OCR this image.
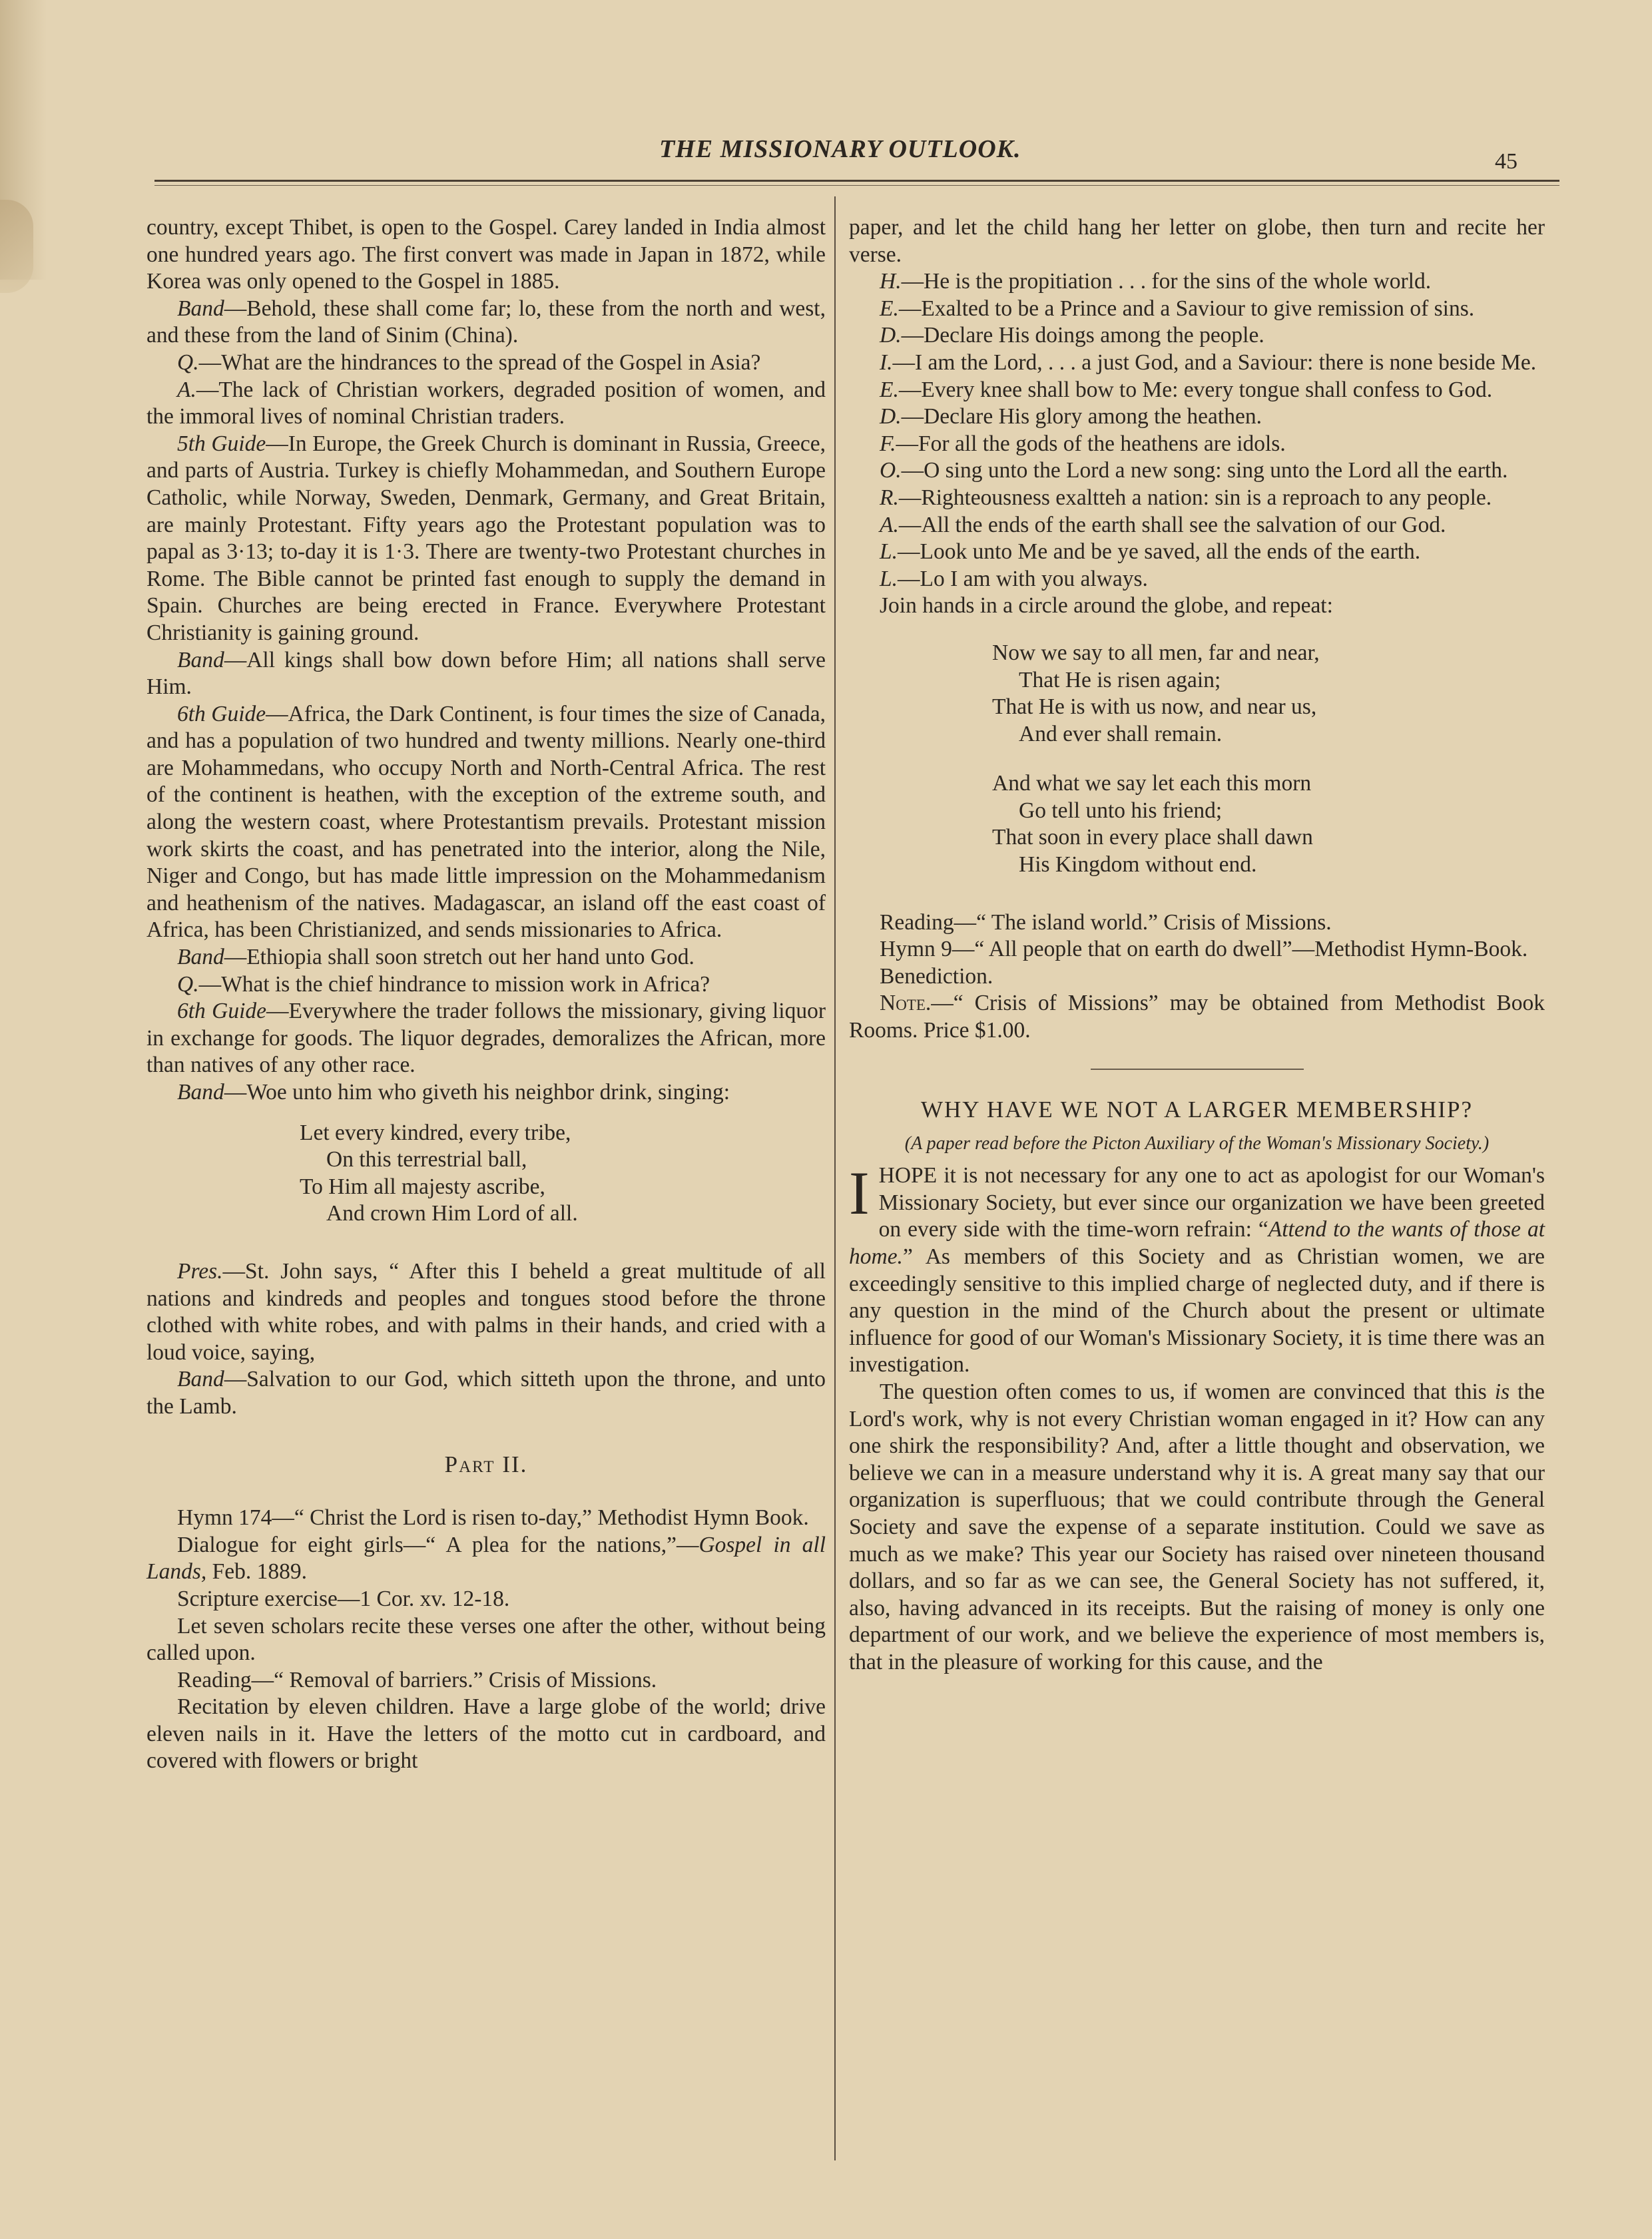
THE MISSIONARY OUTLOOK.	45

country, except Thibet, is open to the Gospel. Carey landed in India almost one hundred years ago. The first convert was made in Japan in 1872, while Korea was only opened to the Gospel in 1885.

Band—Behold, these shall come far; lo, these from the north and west, and these from the land of Sinim (China).

Q.—What are the hindrances to the spread of the Gospel in Asia?

A.—The lack of Christian workers, degraded position of women, and the immoral lives of nominal Christian traders.

5th Guide—In Europe, the Greek Church is dominant in Russia, Greece, and parts of Austria. Turkey is chiefly Mohammedan, and Southern Europe Catholic, while Norway, Sweden, Denmark, Germany, and Great Britain, are mainly Protestant. Fifty years ago the Protestant population was to papal as 3·13; to-day it is 1·3. There are twenty-two Protestant churches in Rome. The Bible cannot be printed fast enough to supply the demand in Spain. Churches are being erected in France. Everywhere Protestant Christianity is gaining ground.

Band—All kings shall bow down before Him; all nations shall serve Him.

6th Guide—Africa, the Dark Continent, is four times the size of Canada, and has a population of two hundred and twenty millions. Nearly one-third are Mohammedans, who occupy North and North-Central Africa. The rest of the continent is heathen, with the exception of the extreme south, and along the western coast, where Protestantism prevails. Protestant mission work skirts the coast, and has penetrated into the interior, along the Nile, Niger and Congo, but has made little impression on the Mohammedanism and heathenism of the natives. Madagascar, an island off the east coast of Africa, has been Christianized, and sends missionaries to Africa.

Band—Ethiopia shall soon stretch out her hand unto God.

Q.—What is the chief hindrance to mission work in Africa?

6th Guide—Everywhere the trader follows the missionary, giving liquor in exchange for goods. The liquor degrades, demoralizes the African, more than natives of any other race.

Band—Woe unto him who giveth his neighbor drink, singing:

Let every kindred, every tribe,
On this terrestrial ball,
To Him all majesty ascribe,
And crown Him Lord of all.

Pres.—St. John says, “ After this I beheld a great multitude of all nations and kindreds and peoples and tongues stood before the throne clothed with white robes, and with palms in their hands, and cried with a loud voice, saying,

Band—Salvation to our God, which sitteth upon the throne, and unto the Lamb.

Part II.

Hymn 174—“ Christ the Lord is risen to-day,” Methodist Hymn Book.

Dialogue for eight girls—“ A plea for the nations,”—Gospel in all Lands, Feb. 1889.

Scripture exercise—1 Cor. xv. 12-18.

Let seven scholars recite these verses one after the other, without being called upon.

Reading—“ Removal of barriers.” Crisis of Missions.

Recitation by eleven children. Have a large globe of the world; drive eleven nails in it. Have the letters of the motto cut in cardboard, and covered with flowers or bright

paper, and let the child hang her letter on globe, then turn and recite her verse.

H.—He is the propitiation . . . for the sins of the whole world.

E.—Exalted to be a Prince and a Saviour to give remission of sins.

D.—Declare His doings among the people.

I.—I am the Lord, . . . a just God, and a Saviour: there is none beside Me.

E.—Every knee shall bow to Me: every tongue shall confess to God.

D.—Declare His glory among the heathen.

F.—For all the gods of the heathens are idols.

O.—O sing unto the Lord a new song: sing unto the Lord all the earth.

R.—Righteousness exaltteh a nation: sin is a reproach to any people.

A.—All the ends of the earth shall see the salvation of our God.

L.—Look unto Me and be ye saved, all the ends of the earth.

L.—Lo I am with you always.

Join hands in a circle around the globe, and repeat:

Now we say to all men, far and near,
That He is risen again;
That He is with us now, and near us,
And ever shall remain.
And what we say let each this morn
Go tell unto his friend;
That soon in every place shall dawn
His Kingdom without end.

Reading—“ The island world.” Crisis of Missions.

Hymn 9—“ All people that on earth do dwell”—Methodist Hymn-Book.

Benediction.

Note.—“ Crisis of Missions” may be obtained from Methodist Book Rooms. Price $1.00.

WHY HAVE WE NOT A LARGER MEMBERSHIP?
(A paper read before the Picton Auxiliary of the Woman's Missionary Society.)

IHOPE it is not necessary for any one to act as apologist for our Woman's Missionary Society, but ever since our organization we have been greeted on every side with the time-worn refrain: “Attend to the wants of those at home.” As members of this Society and as Christian women, we are exceedingly sensitive to this implied charge of neglected duty, and if there is any question in the mind of the Church about the present or ultimate influence for good of our Woman's Missionary Society, it is time there was an investigation.

The question often comes to us, if women are convinced that this is the Lord's work, why is not every Christian woman engaged in it? How can any one shirk the responsibility? And, after a little thought and observation, we believe we can in a measure understand why it is. A great many say that our organization is superfluous; that we could contribute through the General Society and save the expense of a separate institution. Could we save as much as we make? This year our Society has raised over nineteen thousand dollars, and so far as we can see, the General Society has not suffered, it, also, having advanced in its receipts. But the raising of money is only one department of our work, and we believe the experience of most members is, that in the pleasure of working for this cause, and the
